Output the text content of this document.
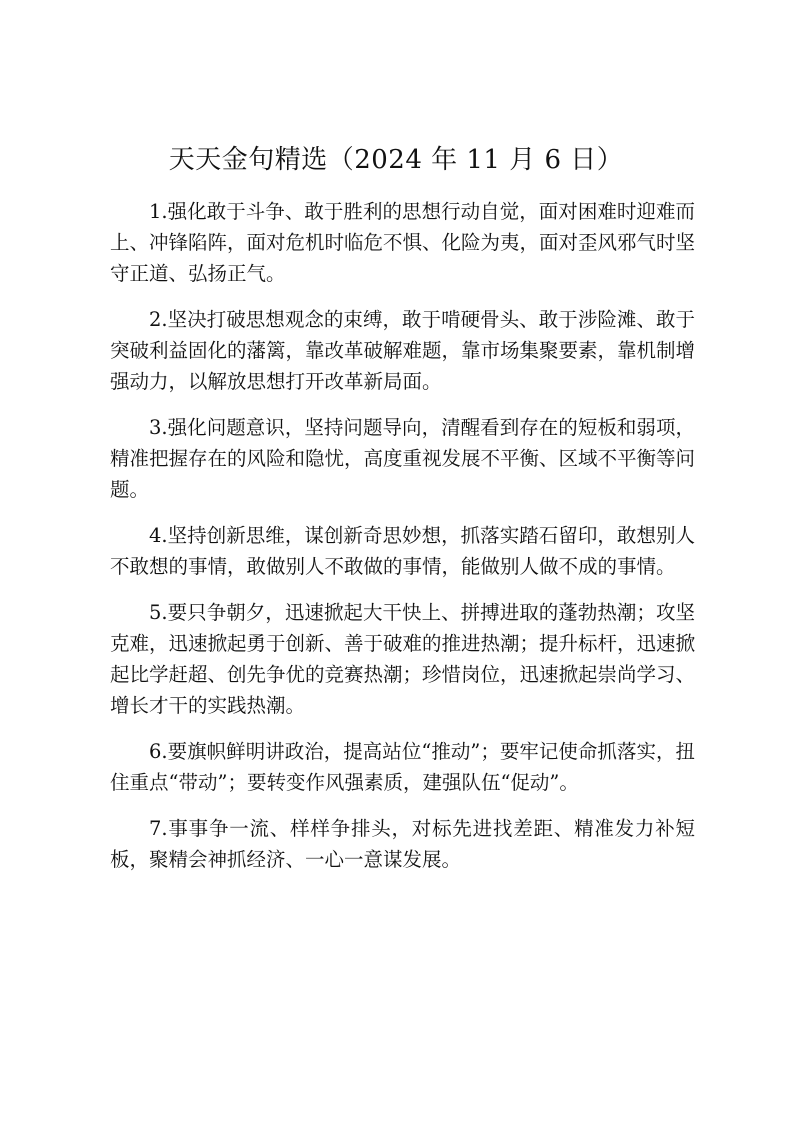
天天金句精选（2024 年 11 月 6 日）

1.强化敢于斗争、敢于胜利的思想行动自觉，面对困难时迎难而上、冲锋陷阵，面对危机时临危不惧、化险为夷，面对歪风邪气时坚守正道、弘扬正气。

2.坚决打破思想观念的束缚，敢于啃硬骨头、敢于涉险滩、敢于突破利益固化的藩篱，靠改革破解难题，靠市场集聚要素，靠机制增强动力，以解放思想打开改革新局面。

3.强化问题意识，坚持问题导向，清醒看到存在的短板和弱项，精准把握存在的风险和隐忧，高度重视发展不平衡、区域不平衡等问题。

4.坚持创新思维，谋创新奇思妙想，抓落实踏石留印，敢想别人不敢想的事情，敢做别人不敢做的事情，能做别人做不成的事情。

5.要只争朝夕，迅速掀起大干快上、拼搏进取的蓬勃热潮；攻坚克难，迅速掀起勇于创新、善于破难的推进热潮；提升标杆，迅速掀起比学赶超、创先争优的竞赛热潮；珍惜岗位，迅速掀起崇尚学习、增长才干的实践热潮。

6.要旗帜鲜明讲政治，提高站位“推动”；要牢记使命抓落实，扭住重点“带动”；要转变作风强素质，建强队伍“促动”。

7.事事争一流、样样争排头，对标先进找差距、精准发力补短板，聚精会神抓经济、一心一意谋发展。
